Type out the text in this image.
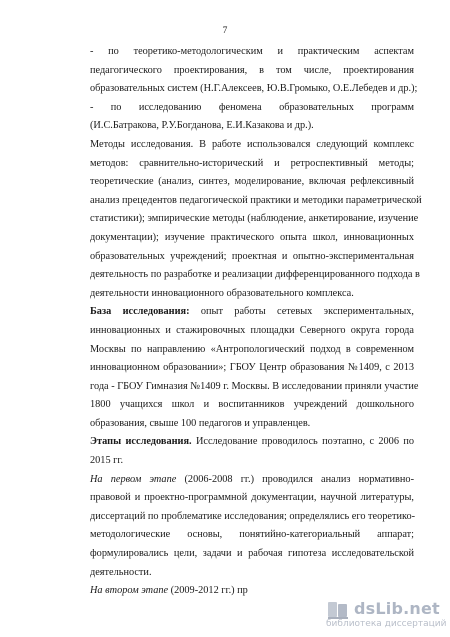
7
- по теоретико-методологическим и практическим аспектам
педагогического проектирования, в том числе, проектирования
образовательных систем (Н.Г.Алексеев, Ю.В.Громыко, О.Е.Лебедев и др.);
- по исследованию феномена образовательных программ
(И.С.Батракова, Р.У.Богданова, Е.И.Казакова и др.).
Методы исследования. В работе использовался следующий комплекс
методов: сравнительно-исторический и ретроспективный методы;
теоретические (анализ, синтез, моделирование, включая рефлексивный
анализ прецедентов педагогической практики и методики параметрической
статистики); эмпирические методы (наблюдение, анкетирование, изучение
документации); изучение практического опыта школ, инновационных
образовательных учреждений; проектная и опытно-экспериментальная
деятельность по разработке и реализации дифференцированного подхода в
деятельности инновационного образовательного комплекса.
База исследования: опыт работы сетевых экспериментальных,
инновационных и стажировочных площадки Северного округа города
Москвы по направлению «Антропологический подход в современном
инновационном образовании»; ГБОУ Центр образования №1409, с 2013
года - ГБОУ Гимназия №1409 г. Москвы. В исследовании приняли участие
1800 учащихся школ и воспитанников учреждений дошкольного
образования, свыше 100 педагогов и управленцев.
Этапы исследования. Исследование проводилось поэтапно, с 2006 по
2015 гг.
На первом этапе (2006-2008 гг.) проводился анализ нормативно-
правовой и проектно-программной документации, научной литературы,
диссертаций по проблематике исследования; определялись его теоретико-
методологические основы, понятийно-категориальный аппарат;
формулировались цели, задачи и рабочая гипотеза исследовательской
деятельности.
На втором этапе (2009-2012 гг.) пр
dsLib.net
библиотека диссертаций
